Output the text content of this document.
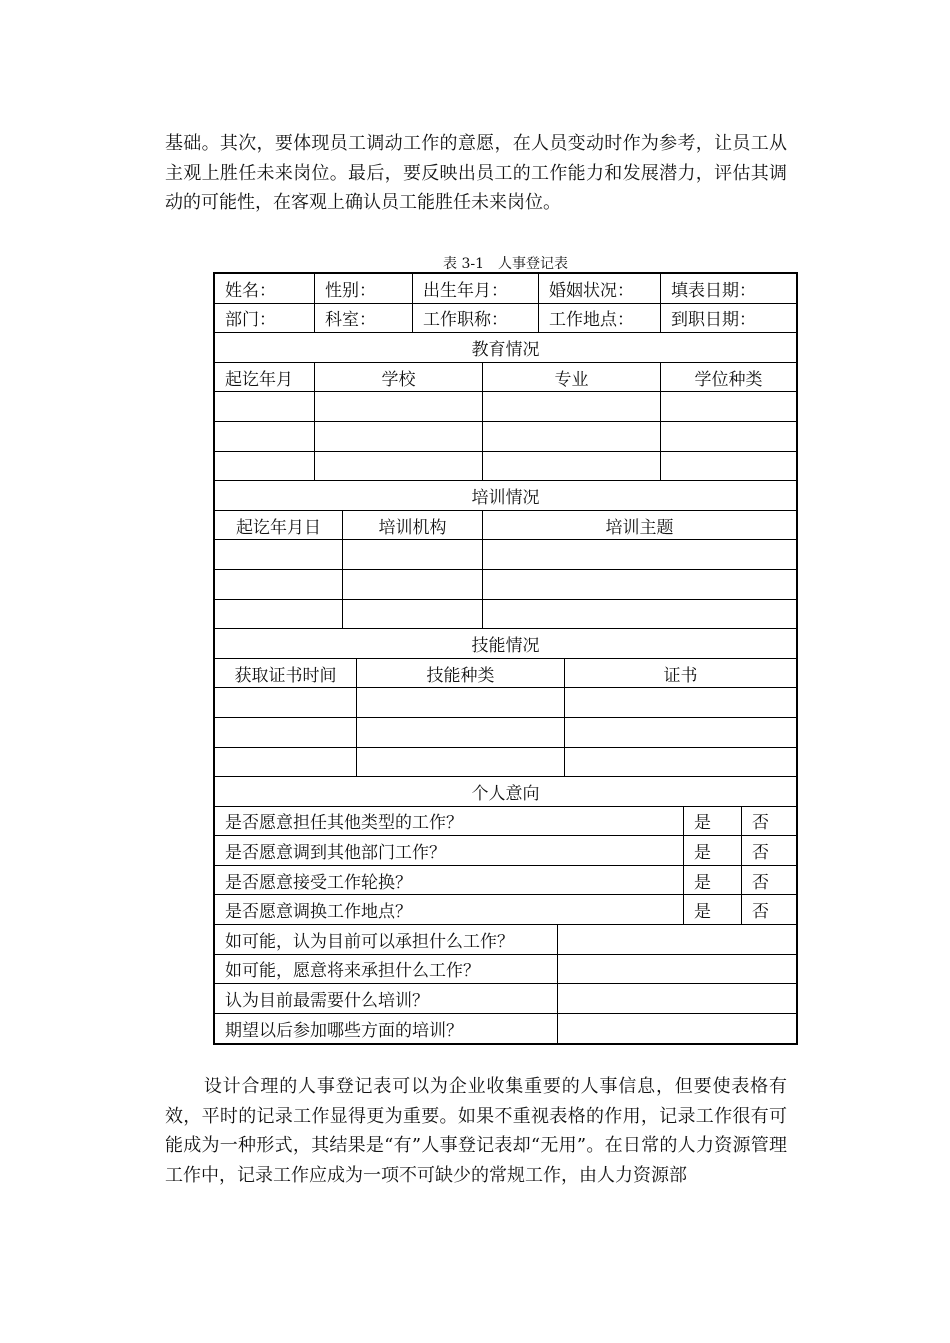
基础。其次，要体现员工调动工作的意愿，在人员变动时作为参考，让员工从主观上胜任未来岗位。最后，要反映出员工的工作能力和发展潜力，评估其调动的可能性，在客观上确认员工能胜任未来岗位。
表 3-1　人事登记表
姓名：	性别：	出生年月：	婚姻状况：	填表日期：
部门：	科室：	工作职称：	工作地点：	到职日期：
教育情况
起讫年月	学校	专业	学位种类
培训情况
起讫年月日	培训机构	培训主题
技能情况
获取证书时间	技能种类	证书
个人意向
是否愿意担任其他类型的工作？	是	否
是否愿意调到其他部门工作？	是	否
是否愿意接受工作轮换？	是	否
是否愿意调换工作地点？	是	否
如可能，认为目前可以承担什么工作？
如可能，愿意将来承担什么工作？
认为目前最需要什么培训？
期望以后参加哪些方面的培训？
设计合理的人事登记表可以为企业收集重要的人事信息，但要使表格有效，平时的记录工作显得更为重要。如果不重视表格的作用，记录工作很有可能成为一种形式，其结果是“有”人事登记表却“无用”。在日常的人力资源管理工作中，记录工作应成为一项不可缺少的常规工作，由人力资源部
